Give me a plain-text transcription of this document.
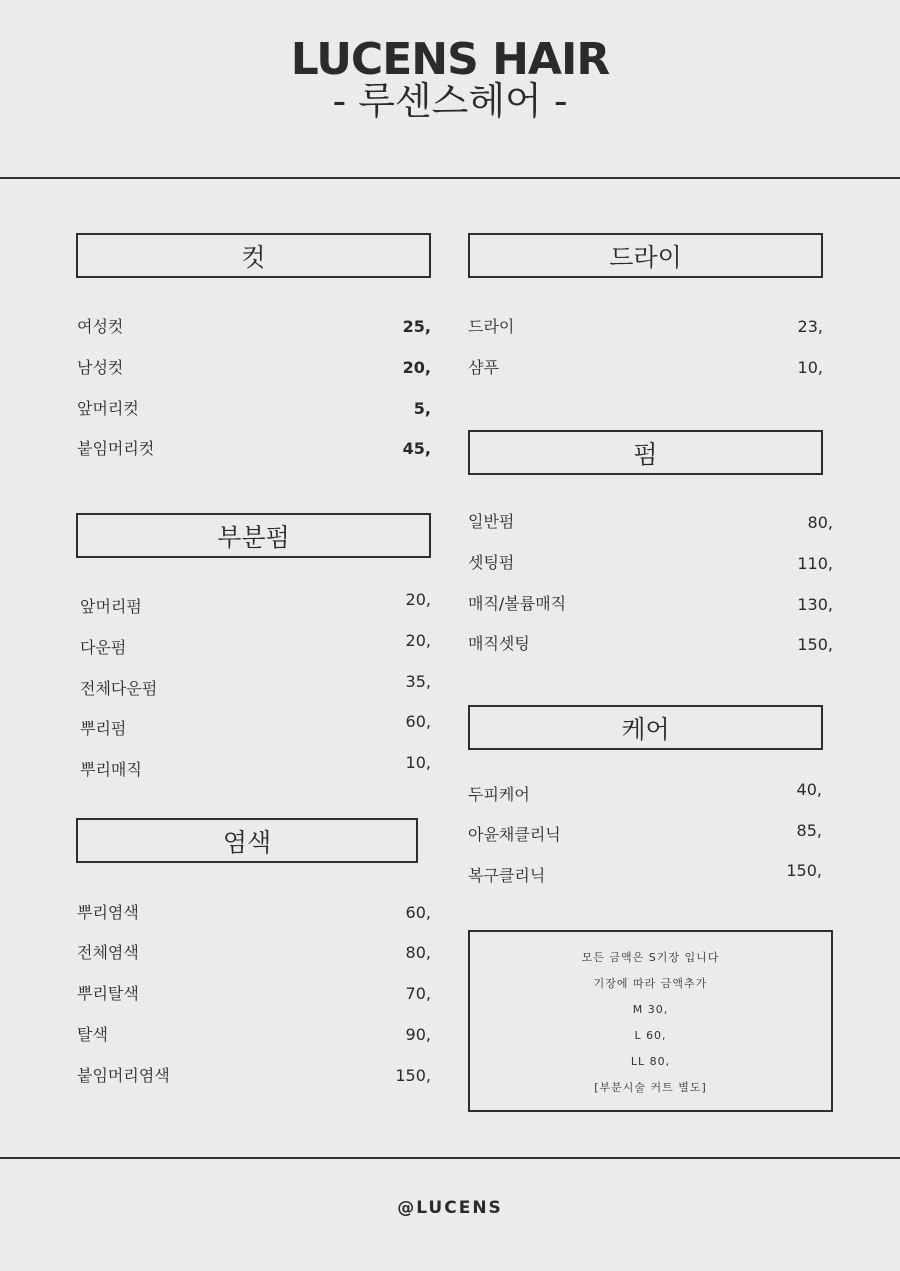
LUCENS HAIR
- 루센스헤어 -
컷
여성컷	25,
남성컷	20,
앞머리컷	5,
붙임머리컷	45,
부분펌
앞머리펌	20,
다운펌	20,
전체다운펌	35,
뿌리펌	60,
뿌리매직	10,
염색
뿌리염색	60,
전체염색	80,
뿌리탈색	70,
탈색	90,
붙임머리염색	150,
드라이
드라이	23,
샴푸	10,
펌
일반펌	80,
셋팅펌	110,
매직/볼륨매직	130,
매직셋팅	150,
케어
두피케어	40,
아윤채클리닉	85,
복구클리닉	150,
모든 금액은 S기장 입니다
기장에 따라 금액추가
M 30,
L 60,
LL 80,
[부분시술 커트 별도]
@LUCENS
